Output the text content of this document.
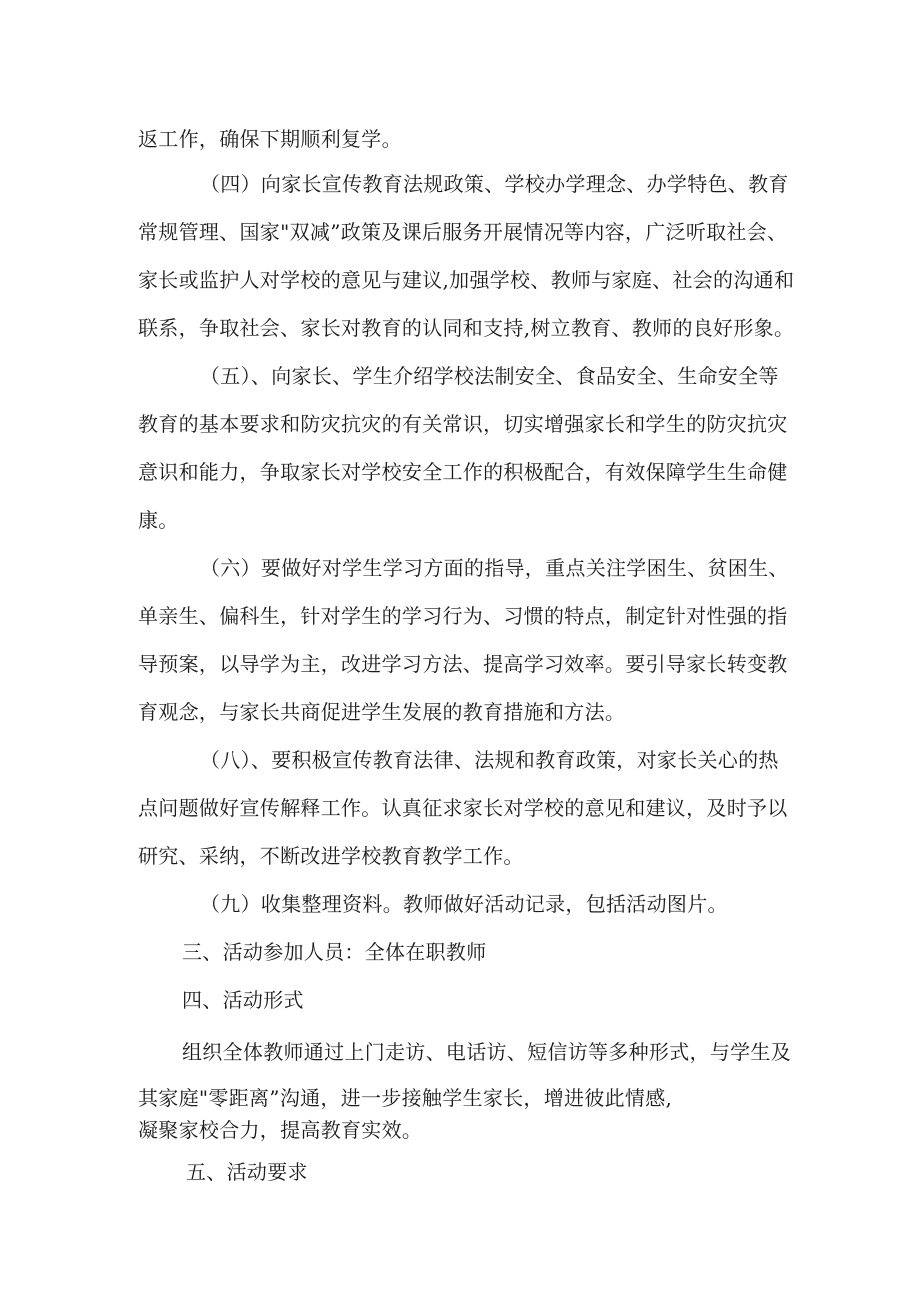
返工作，确保下期顺利复学。
（四）向家长宣传教育法规政策、学校办学理念、办学特色、教育
常规管理、国家"双减”政策及课后服务开展情况等内容，广泛听取社会、
家长或监护人对学校的意见与建议,加强学校、教师与家庭、社会的沟通和
联系，争取社会、家长对教育的认同和支持,树立教育、教师的良好形象。
（五）、向家长、学生介绍学校法制安全、食品安全、生命安全等
教育的基本要求和防灾抗灾的有关常识，切实增强家长和学生的防灾抗灾
意识和能力，争取家长对学校安全工作的积极配合，有效保障学生生命健
康。
（六）要做好对学生学习方面的指导，重点关注学困生、贫困生、
单亲生、偏科生，针对学生的学习行为、习惯的特点，制定针对性强的指
导预案，以导学为主，改进学习方法、提高学习效率。要引导家长转变教
育观念，与家长共商促进学生发展的教育措施和方法。
（八）、要积极宣传教育法律、法规和教育政策，对家长关心的热
点问题做好宣传解释工作。认真征求家长对学校的意见和建议，及时予以
研究、采纳，不断改进学校教育教学工作。
（九）收集整理资料。教师做好活动记录，包括活动图片。
三、活动参加人员：全体在职教师
四、活动形式
组织全体教师通过上门走访、电话访、短信访等多种形式，与学生及
其家庭"零距离”沟通，进一步接触学生家长，增进彼此情感,
凝聚家校合力，提高教育实效。
五、活动要求
